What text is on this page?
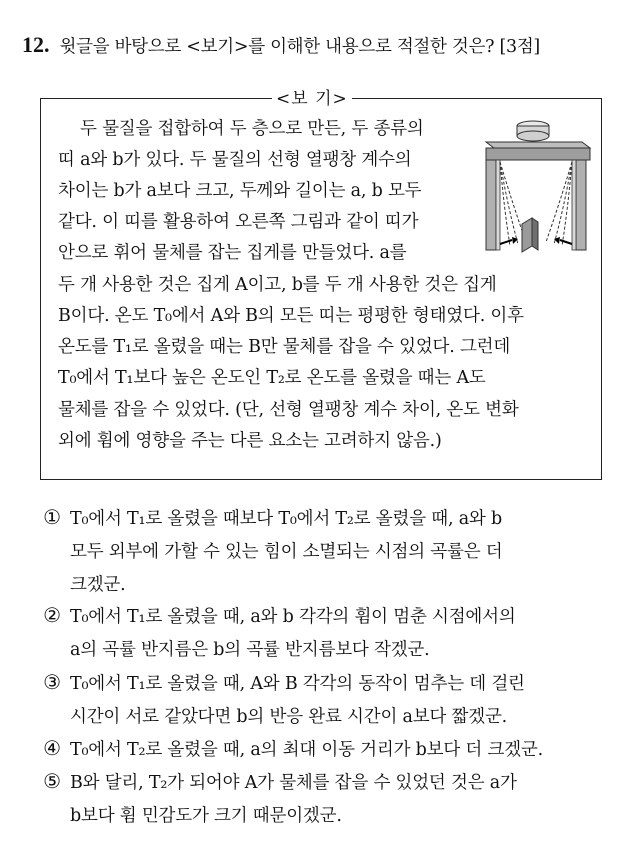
12. 윗글을 바탕으로 <보기>를 이해한 내용으로 적절한 것은? [3점]
<보 기>
두 물질을 접합하여 두 층으로 만든, 두 종류의
띠 a와 b가 있다. 두 물질의 선형 열팽창 계수의
차이는 b가 a보다 크고, 두께와 길이는 a, b 모두
같다. 이 띠를 활용하여 오른쪽 그림과 같이 띠가
안으로 휘어 물체를 잡는 집게를 만들었다. a를
두 개 사용한 것은 집게 A이고, b를 두 개 사용한 것은 집게
B이다. 온도 T₀에서 A와 B의 모든 띠는 평평한 형태였다. 이후
온도를 T₁로 올렸을 때는 B만 물체를 잡을 수 있었다. 그런데
T₀에서 T₁보다 높은 온도인 T₂로 온도를 올렸을 때는 A도
물체를 잡을 수 있었다. (단, 선형 열팽창 계수 차이, 온도 변화
외에 휨에 영향을 주는 다른 요소는 고려하지 않음.)
① T₀에서 T₁로 올렸을 때보다 T₀에서 T₂로 올렸을 때, a와 b
모두 외부에 가할 수 있는 힘이 소멸되는 시점의 곡률은 더
크겠군.
② T₀에서 T₁로 올렸을 때, a와 b 각각의 휨이 멈춘 시점에서의
a의 곡률 반지름은 b의 곡률 반지름보다 작겠군.
③ T₀에서 T₁로 올렸을 때, A와 B 각각의 동작이 멈추는 데 걸린
시간이 서로 같았다면 b의 반응 완료 시간이 a보다 짧겠군.
④ T₀에서 T₂로 올렸을 때, a의 최대 이동 거리가 b보다 더 크겠군.
⑤ B와 달리, T₂가 되어야 A가 물체를 잡을 수 있었던 것은 a가
b보다 휨 민감도가 크기 때문이겠군.
